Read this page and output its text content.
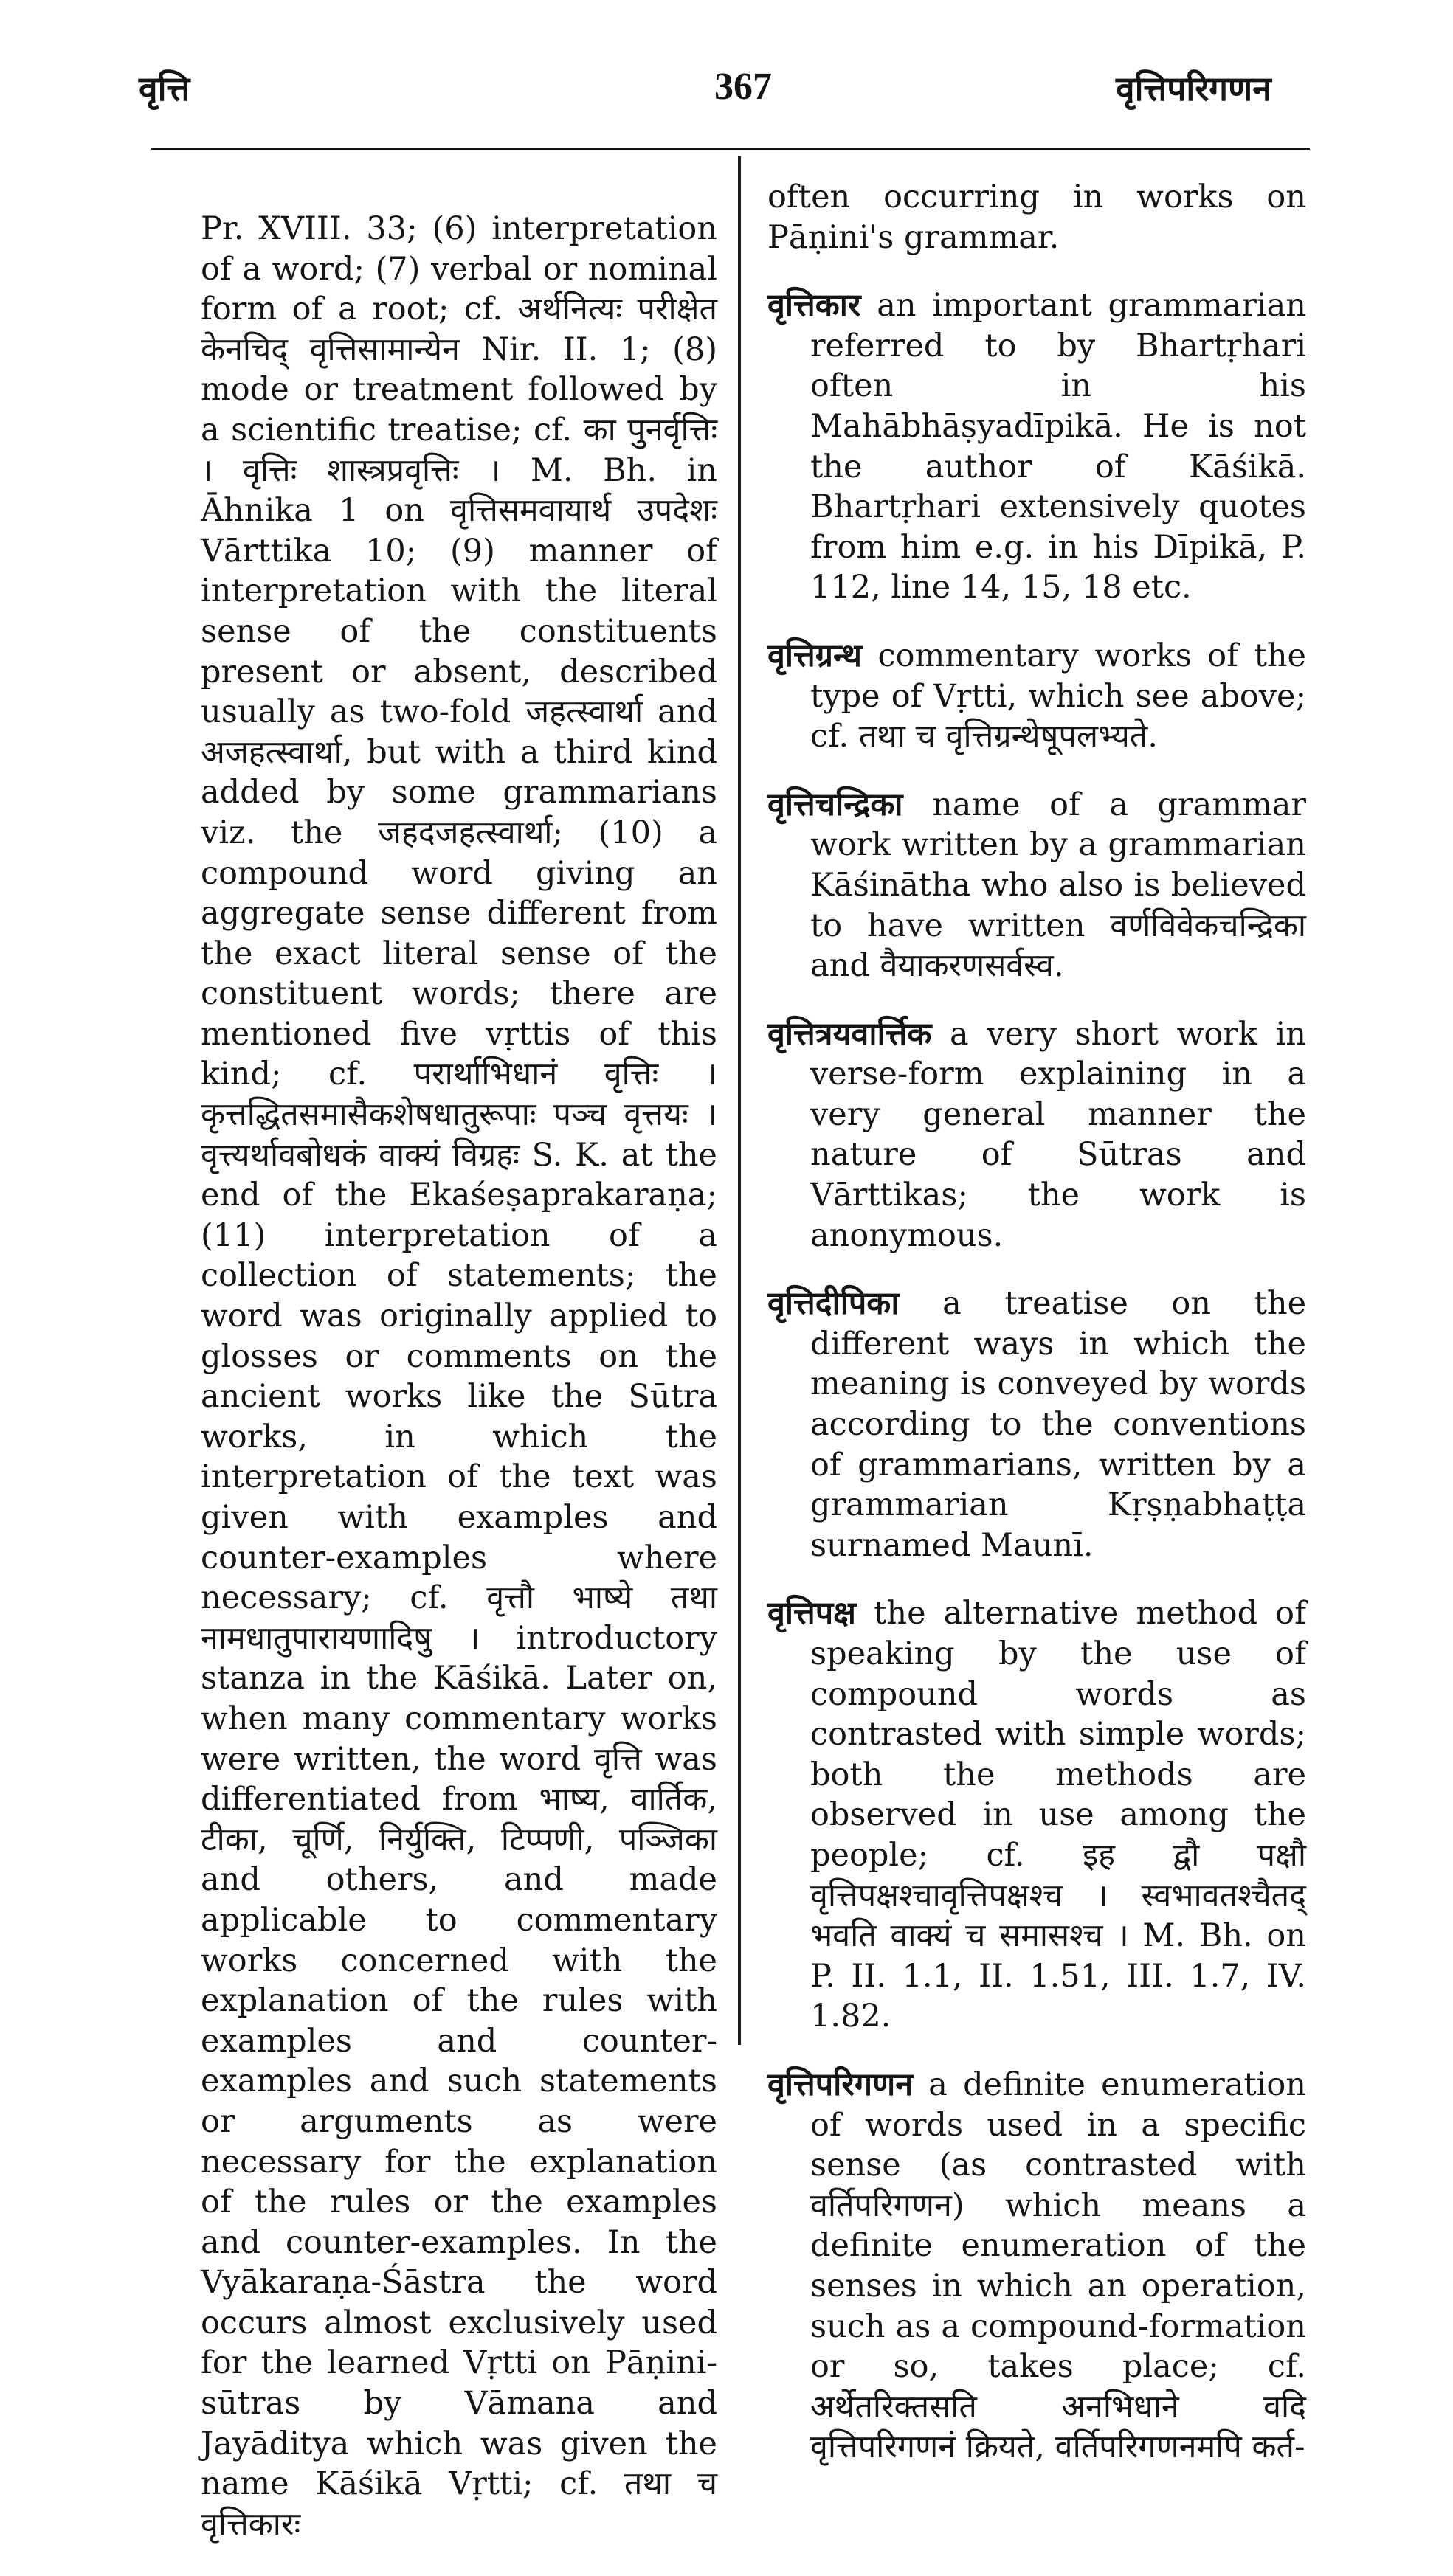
वृत्ति	367	वृत्तिपरिगणन

Pr. XVIII. 33; (6) interpretation of a word; (7) verbal or nominal form of a root; cf. अर्थनित्यः परीक्षेत केनचिद् वृत्तिसामान्येन Nir. II. 1; (8) mode or treatment followed by a scientific treatise; cf. का पुनर्वृत्तिः । वृत्तिः शास्त्रप्रवृत्तिः । M. Bh. in Āhnika 1 on वृत्तिसमवायार्थ उपदेशः Vārttika 10; (9) manner of interpretation with the literal sense of the constituents present or absent, described usually as two-fold जहत्स्वार्था and अजहत्स्वार्था, but with a third kind added by some grammarians viz. the जहदजहत्स्वार्था; (10) a compound word giving an aggregate sense different from the exact literal sense of the constituent words; there are mentioned five vṛttis of this kind; cf. परार्थाभिधानं वृत्तिः । कृत्तद्धितसमासैकशेषधातुरूपाः पञ्च वृत्तयः । वृत्त्यर्थावबोधकं वाक्यं विग्रहः S. K. at the end of the Ekaśeṣaprakaraṇa; (11) interpretation of a collection of statements; the word was originally applied to glosses or comments on the ancient works like the Sūtra works, in which the interpretation of the text was given with examples and counter-examples where necessary; cf. वृत्तौ भाष्ये तथा नामधातुपारायणादिषु । introductory stanza in the Kāśikā. Later on, when many commentary works were written, the word वृत्ति was differentiated from भाष्य, वार्तिक, टीका, चूर्णि, निर्युक्ति, टिप्पणी, पञ्जिका and others, and made applicable to commentary works concerned with the explanation of the rules with examples and counter-examples and such statements or arguments as were necessary for the explanation of the rules or the examples and counter-examples. In the Vyākaraṇa-Śāstra the word occurs almost exclusively used for the learned Vṛtti on Pāṇini-sūtras by Vāmana and Jayāditya which was given the name Kāśikā Vṛtti; cf. तथा च वृत्तिकारः

often occurring in works on Pāṇini's grammar.

वृत्तिकार an important grammarian referred to by Bhartṛhari often in his Mahābhāṣyadīpikā. He is not the author of Kāśikā. Bhartṛhari extensively quotes from him e.g. in his Dīpikā, P. 112, line 14, 15, 18 etc.

वृत्तिग्रन्थ commentary works of the type of Vṛtti, which see above; cf. तथा च वृत्तिग्रन्थेषूपलभ्यते.

वृत्तिचन्द्रिका name of a grammar work written by a grammarian Kāśinātha who also is believed to have written वर्णविवेकचन्द्रिका and वैयाकरणसर्वस्व.

वृत्तित्रयवार्त्तिक a very short work in verse-form explaining in a very general manner the nature of Sūtras and Vārttikas; the work is anonymous.

वृत्तिदीपिका a treatise on the different ways in which the meaning is conveyed by words according to the conventions of grammarians, written by a grammarian Kṛṣṇabhaṭṭa surnamed Maunī.

वृत्तिपक्ष the alternative method of speaking by the use of compound words as contrasted with simple words; both the methods are observed in use among the people; cf. इह द्वौ पक्षौ वृत्तिपक्षश्चावृत्तिपक्षश्च । स्वभावतश्चैतद् भवति वाक्यं च समासश्च । M. Bh. on P. II. 1.1, II. 1.51, III. 1.7, IV. 1.82.

वृत्तिपरिगणन a definite enumeration of words used in a specific sense (as contrasted with वर्तिपरिगणन) which means a definite enumeration of the senses in which an operation, such as a compound-formation or so, takes place; cf. अर्थेतरिक्तसति अनभिधाने वदि वृत्तिपरिगणनं क्रियते, वर्तिपरिगणनमपि कर्त-
